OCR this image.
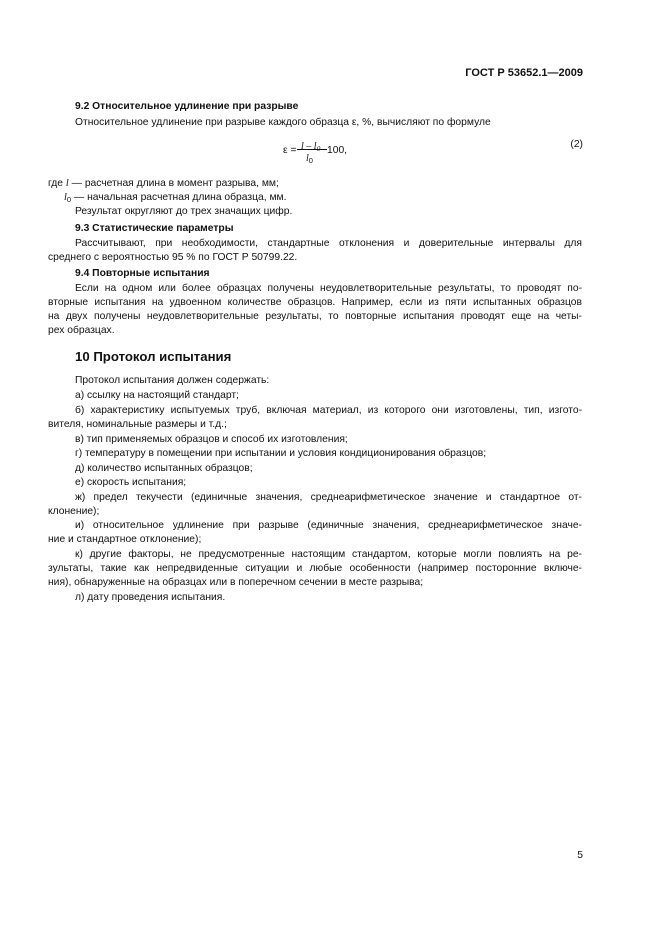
ГОСТ Р 53652.1—2009
9.2 Относительное удлинение при разрыве
Относительное удлинение при разрыве каждого образца ε, %, вычисляют по формуле
$\varepsilon = l - l_0$
$l_0$
100,
(2)
где l — расчетная длина в момент разрыва, мм;
$l_0$ — начальная расчетная длина образца, мм.
Результат округляют до трех значащих цифр.
9.3 Статистические параметры
Рассчитывают, при необходимости, стандартные отклонения и доверительные интервалы для
среднего с вероятностью 95 % по ГОСТ Р 50799.22.
9.4 Повторные испытания
Если на одном или более образцах получены неудовлетворительные результаты, то проводят по-
вторные испытания на удвоенном количестве образцов. Например, если из пяти испытанных образцов
на двух получены неудовлетворительные результаты, то повторные испытания проводят еще на четы-
рех образцах.
10 Протокол испытания
Протокол испытания должен содержать:
а) ссылку на настоящий стандарт;
б) характеристику испытуемых труб, включая материал, из которого они изготовлены, тип, изгото-
вителя, номинальные размеры и т.д.;
в) тип применяемых образцов и способ их изготовления;
г) температуру в помещении при испытании и условия кондиционирования образцов;
д) количество испытанных образцов;
е) скорость испытания;
ж) предел текучести (единичные значения, среднеарифметическое значение и стандартное от-
клонение);
и) относительное удлинение при разрыве (единичные значения, среднеарифметическое значе-
ние и стандартное отклонение);
к) другие факторы, не предусмотренные настоящим стандартом, которые могли повлиять на ре-
зультаты, такие как непредвиденные ситуации и любые особенности (например посторонние включе-
ния), обнаруженные на образцах или в поперечном сечении в месте разрыва;
л) дату проведения испытания.
5
